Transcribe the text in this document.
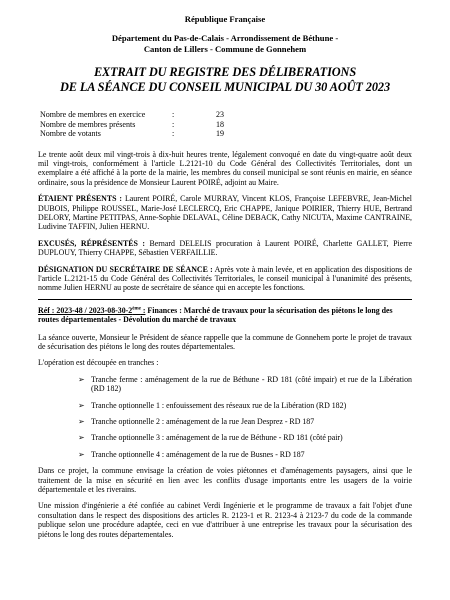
République Française
Département du Pas-de-Calais - Arrondissement de Béthune -
Canton de Lillers - Commune de Gonnehem
EXTRAIT DU REGISTRE DES DÉLIBERATIONS
DE LA SÉANCE DU CONSEIL MUNICIPAL DU 30 AOÛT 2023
Nombre de membres en exercice	:	23
Nombre de membres présents	:	18
Nombre de votants	:	19

Le trente août deux mil vingt-trois à dix-huit heures trente, légalement convoqué en date du vingt-quatre août deux mil vingt-trois, conformément à l'article L.2121-10 du Code Général des Collectivités Territoriales, dont un exemplaire a été affiché à la porte de la mairie, les membres du conseil municipal se sont réunis en mairie, en séance ordinaire, sous la présidence de Monsieur Laurent POIRÉ, adjoint au Maire.

ÉTAIENT PRÉSENTS : Laurent POIRÉ, Carole MURRAY, Vincent KLOS, Françoise LEFEBVRE, Jean-Michel DUBOIS, Philippe ROUSSEL, Marie-José LECLERCQ, Eric CHAPPE, Janique POIRIER, Thierry HUE, Bertrand DELORY, Martine PETITPAS, Anne-Sophie DELAVAL, Céline DEBACK, Cathy NICUTA, Maxime CANTRAINE, Ludivine TAFFIN, Julien HERNU.

EXCUSÉS, RÉPRÉSENTÉS : Bernard DELELIS procuration à Laurent POIRÉ, Charlette GALLET, Pierre DUPLOUY, Thierry CHAPPE, Sébastien VERFAILLIE.

DÉSIGNATION DU SECRÉTAIRE DE SÉANCE : Après vote à main levée, et en application des dispositions de l'article L.2121-15 du Code Général des Collectivités Territoriales, le conseil municipal à l'unanimité des présents, nomme Julien HERNU au poste de secrétaire de séance qui en accepte les fonctions.

Réf : 2023-48 / 2023-08-30-2ème : Finances : Marché de travaux pour la sécurisation des piétons le long des routes départementales - Dévolution du marché de travaux

La séance ouverte, Monsieur le Président de séance rappelle que la commune de Gonnehem porte le projet de travaux de sécurisation des piétons le long des routes départementales.

L'opération est découpée en tranches :

➢ Tranche ferme : aménagement de la rue de Béthune - RD 181 (côté impair) et rue de la Libération (RD 182)
➢ Tranche optionnelle 1 : enfouissement des réseaux rue de la Libération (RD 182)
➢ Tranche optionnelle 2 : aménagement de la rue Jean Desprez - RD 187
➢ Tranche optionnelle 3 : aménagement de la rue de Béthune - RD 181 (côté pair)
➢ Tranche optionnelle 4 : aménagement de la rue de Busnes - RD 187

Dans ce projet, la commune envisage la création de voies piétonnes et d'aménagements paysagers, ainsi que le traitement de la mise en sécurité en lien avec les conflits d'usage importants entre les usagers de la voirie départementale et les riverains.

Une mission d'ingénierie a été confiée au cabinet Verdi Ingénierie et le programme de travaux a fait l'objet d'une consultation dans le respect des dispositions des articles R. 2123-1 et R. 2123-4 à 2123-7 du code de la commande publique selon une procédure adaptée, ceci en vue d'attribuer à une entreprise les travaux pour la sécurisation des piétons le long des routes départementales.
